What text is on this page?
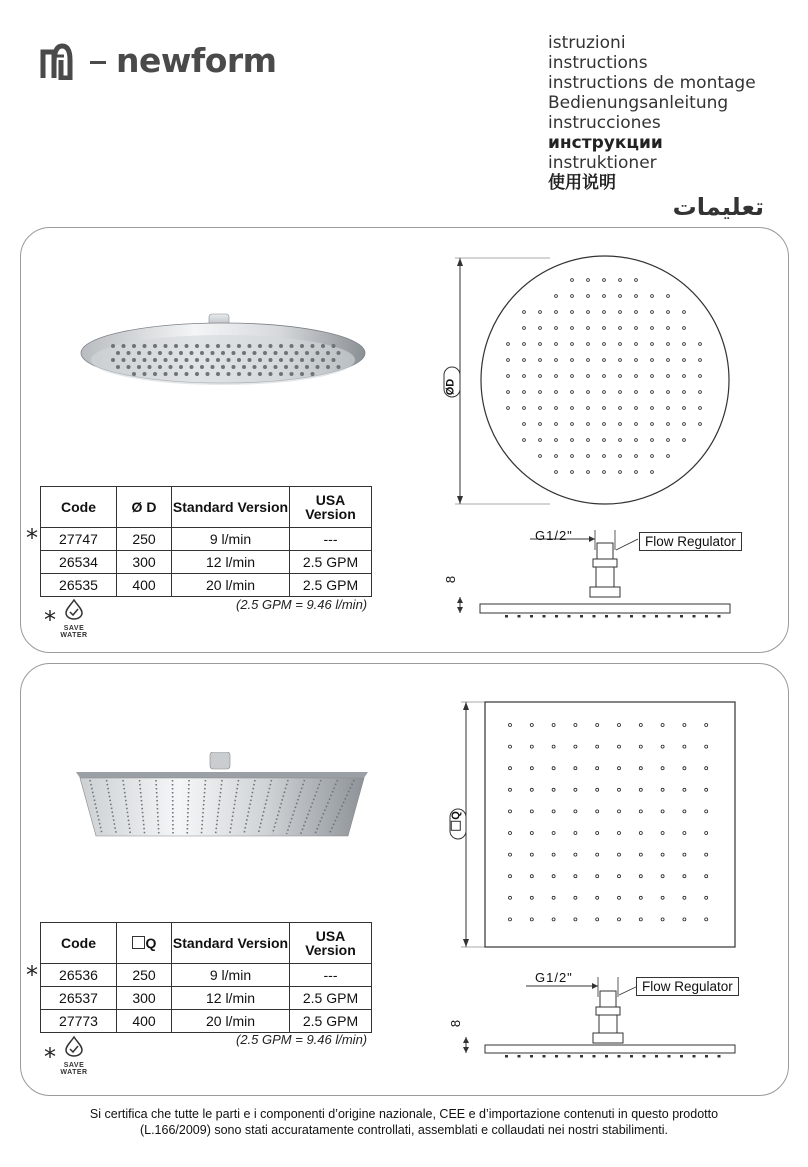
newform	istruzioni
instructions
instructions de montage
Bedienungsanleitung
instrucciones
инструкции
instruktioner
使用说明
تعليمات
Code	Ø D	Standard Version	USA Version
27747	250	9 l/min	---
26534	300	12 l/min	2.5 GPM
26535	400	20 l/min	2.5 GPM
*
(2.5 GPM = 9.46 l/min)
*	SAVE
WATER
ØD
G1/2"	Flow Regulator
8
Code	Q	Standard Version	USA Version
26536	250	9 l/min	---
26537	300	12 l/min	2.5 GPM
27773	400	20 l/min	2.5 GPM
*
(2.5 GPM = 9.46 l/min)
*	SAVE
WATER
Q
G1/2"
Flow Regulator
8
Si certifica che tutte le parti e i componenti d’origine nazionale, CEE e d’importazione contenuti in questo prodotto
(L.166/2009) sono stati accuratamente controllati, assemblati e collaudati nei nostri stabilimenti.
